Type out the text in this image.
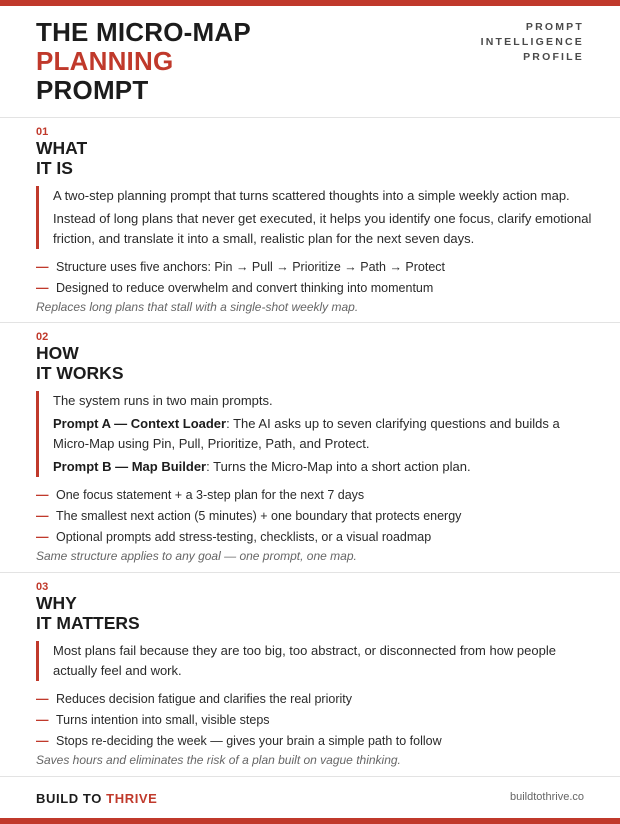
THE MICRO-MAP
PLANNING
PROMPT
PROMPT
INTELLIGENCE
PROFILE
01
WHAT
IT IS

A two-step planning prompt that turns scattered thoughts into a simple weekly action map.

Instead of long plans that never get executed, it helps you identify one focus, clarify emotional friction, and translate it into a small, realistic plan for the next seven days.

— Structure uses five anchors: Pin → Pull → Prioritize → Path → Protect
— Designed to reduce overwhelm and convert thinking into momentum
Replaces long plans that stall with a single-shot weekly map.
02
HOW
IT WORKS

The system runs in two main prompts.

Prompt A — Context Loader: The AI asks up to seven clarifying questions and builds a Micro-Map using Pin, Pull, Prioritize, Path, and Protect.

Prompt B — Map Builder: Turns the Micro-Map into a short action plan.

— One focus statement + a 3-step plan for the next 7 days
— The smallest next action (5 minutes) + one boundary that protects energy
— Optional prompts add stress-testing, checklists, or a visual roadmap
Same structure applies to any goal — one prompt, one map.
03
WHY
IT MATTERS

Most plans fail because they are too big, too abstract, or disconnected from how people actually feel and work.

— Reduces decision fatigue and clarifies the real priority
— Turns intention into small, visible steps
— Stops re-deciding the week — gives your brain a simple path to follow
Saves hours and eliminates the risk of a plan built on vague thinking.
BUILD TO THRIVE	buildtothrive.co
